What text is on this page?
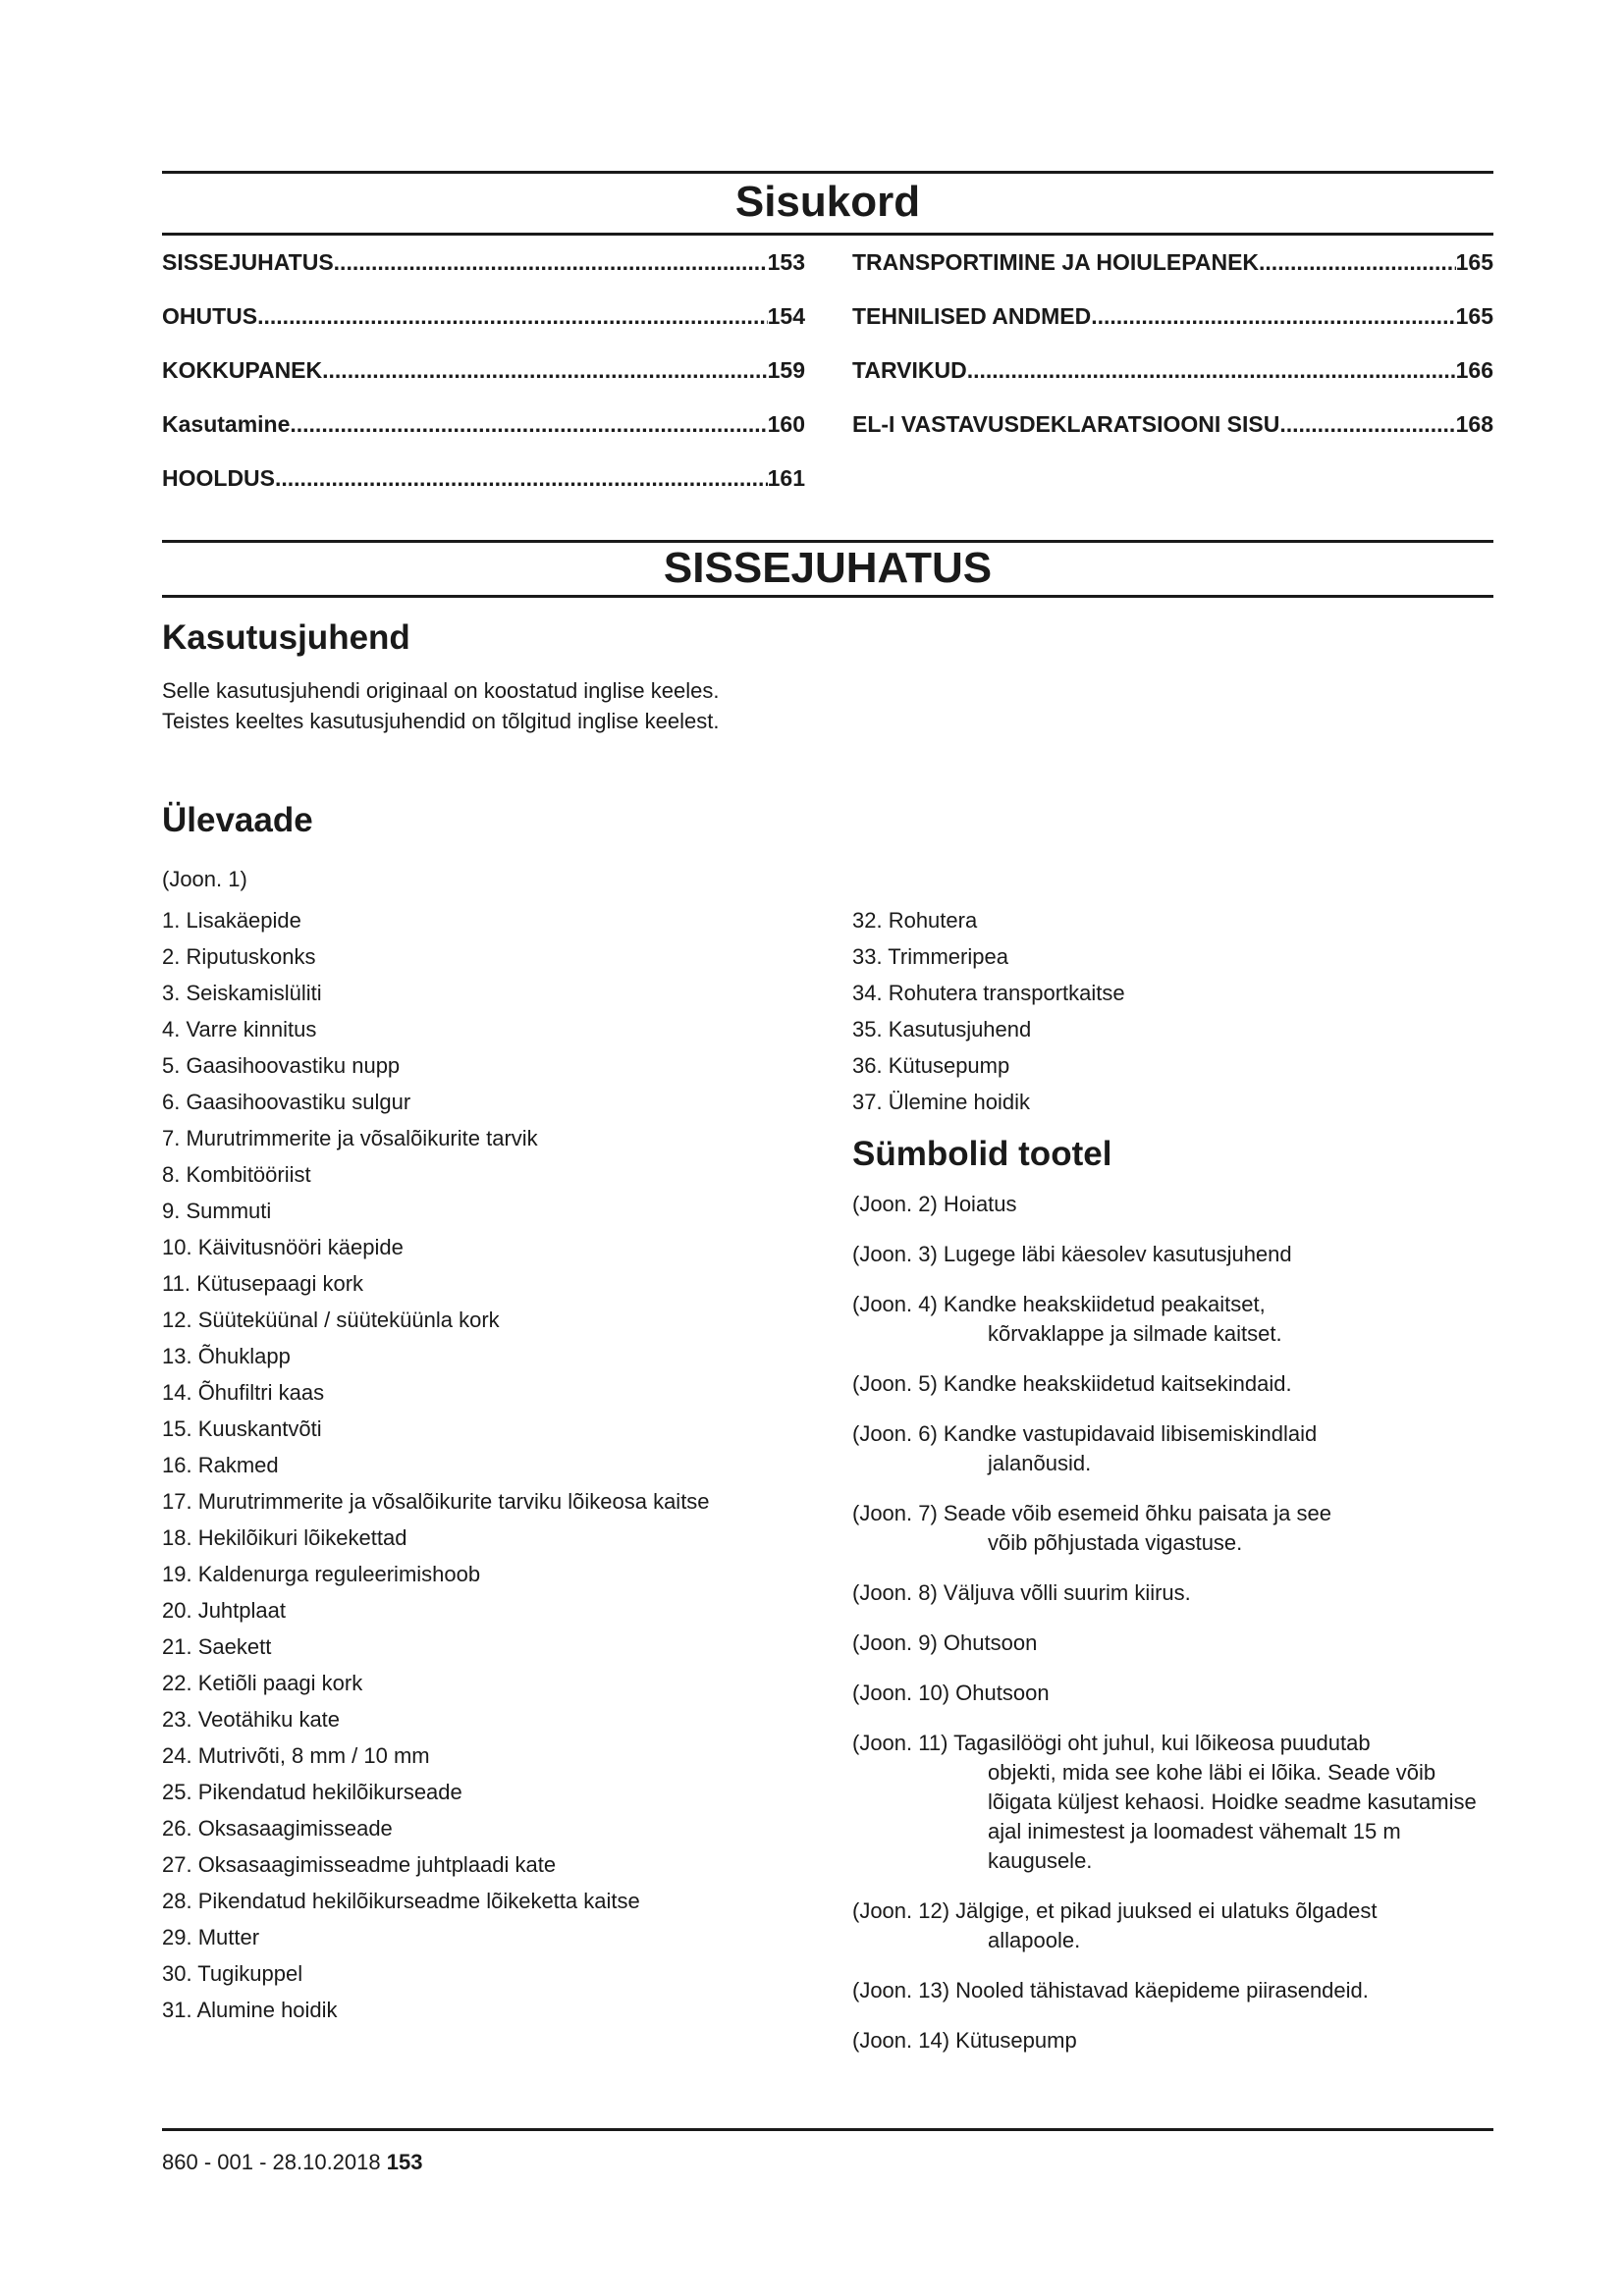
Sisukord
SISSEJUHATUS .....	153
OHUTUS .....	154
KOKKUPANEK .....	159
Kasutamine .....	160
HOOLDUS .....	161
TRANSPORTIMINE JA HOIULEPANEK .....	165
TEHNILISED ANDMED .....	165
TARVIKUD .....	166
EL-I VASTAVUSDEKLARATSIOONI SISU .....	168
SISSEJUHATUS
Kasutusjuhend

Selle kasutusjuhendi originaal on koostatud inglise keeles. Teistes keeltes kasutusjuhendid on tõlgitud inglise keelest.

Ülevaade

(Joon. 1)

1. Lisakäepide
2. Riputuskonks
3. Seiskamislüliti
4. Varre kinnitus
5. Gaasihoovastiku nupp
6. Gaasihoovastiku sulgur
7. Murutrimmerite ja võsalõikurite tarvik
8. Kombitööriist
9. Summuti
10. Käivitusnööri käepide
11. Kütusepaagi kork
12. Süüteküünal / süüteküünla kork
13. Õhuklapp
14. Õhufiltri kaas
15. Kuuskantvõti
16. Rakmed
17. Murutrimmerite ja võsalõikurite tarviku lõikeosa kaitse
18. Hekilõikuri lõikekettad
19. Kaldenurga reguleerimishoob
20. Juhtplaat
21. Saekett
22. Ketiõli paagi kork
23. Veotähiku kate
24. Mutrivõti, 8 mm / 10 mm
25. Pikendatud hekilõikurseade
26. Oksasaagimisseade
27. Oksasaagimisseadme juhtplaadi kate
28. Pikendatud hekilõikurseadme lõikeketta kaitse
29. Mutter
30. Tugikuppel
31. Alumine hoidik
32. Rohutera
33. Trimmeripea
34. Rohutera transportkaitse
35. Kasutusjuhend
36. Kütusepump
37. Ülemine hoidik
Sümbolid tootel
(Joon. 2) Hoiatus
(Joon. 3) Lugege läbi käesolev kasutusjuhend
(Joon. 4) Kandke heakskiidetud peakaitset,
kõrvaklappe ja silmade kaitset.
(Joon. 5) Kandke heakskiidetud kaitsekindaid.
(Joon. 6) Kandke vastupidavaid libisemiskindlaid
jalanõusid.
(Joon. 7) Seade võib esemeid õhku paisata ja see
võib põhjustada vigastuse.
(Joon. 8) Väljuva võlli suurim kiirus.
(Joon. 9) Ohutsoon
(Joon. 10) Ohutsoon
(Joon. 11) Tagasilöögi oht juhul, kui lõikeosa puudutab
objekti, mida see kohe läbi ei lõika. Seade võib lõigata küljest kehaosi. Hoidke seadme kasutamise ajal inimestest ja loomadest vähemalt 15 m kaugusele.
(Joon. 12) Jälgige, et pikad juuksed ei ulatuks õlgadest
allapoole.
(Joon. 13) Nooled tähistavad käepideme piirasendeid.
(Joon. 14) Kütusepump
860 - 001 - 28.10.2018 153
